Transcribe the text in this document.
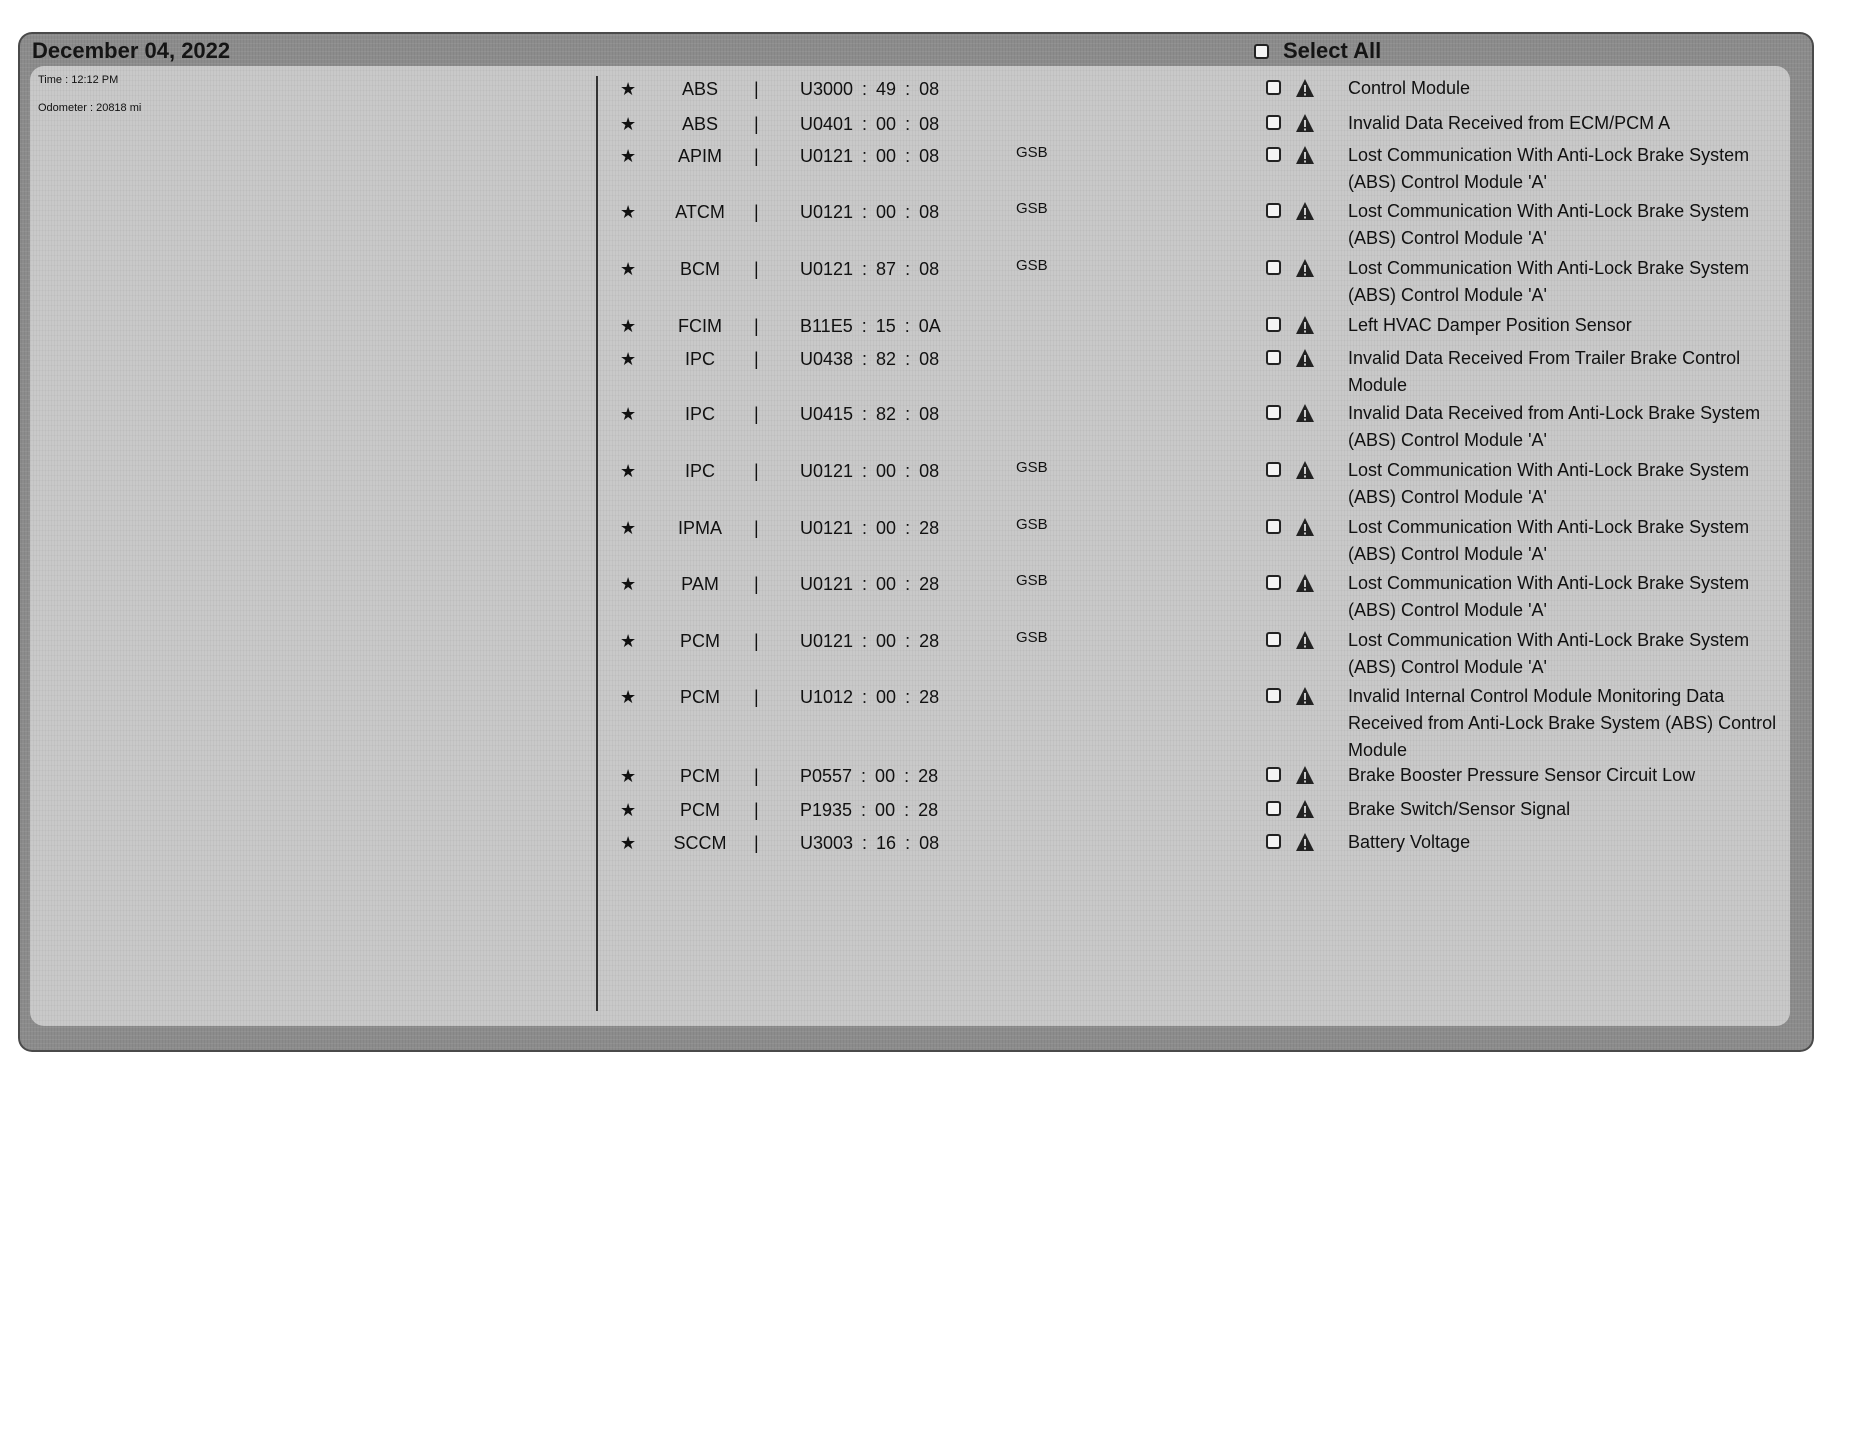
December 04, 2022	Select All
Time : 12:12 PM
Odometer : 20818 mi
★	ABS	| U3000 : 49 : 08	Control Module
★	ABS	| U0401 : 00 : 08	Invalid Data Received from ECM/PCM A
★	APIM	| U0121 : 00 : 08	GSB	Lost Communication With Anti-Lock Brake System (ABS) Control Module 'A'
★	ATCM	| U0121 : 00 : 08	GSB	Lost Communication With Anti-Lock Brake System (ABS) Control Module 'A'
★	BCM	| U0121 : 87 : 08	GSB	Lost Communication With Anti-Lock Brake System (ABS) Control Module 'A'
★	FCIM	| B11E5 : 15 : 0A	Left HVAC Damper Position Sensor
★	IPC	| U0438 : 82 : 08	Invalid Data Received From Trailer Brake Control Module
★	IPC	| U0415 : 82 : 08	Invalid Data Received from Anti-Lock Brake System (ABS) Control Module 'A'
★	IPC	| U0121 : 00 : 08	GSB	Lost Communication With Anti-Lock Brake System (ABS) Control Module 'A'
★	IPMA	| U0121 : 00 : 28	GSB	Lost Communication With Anti-Lock Brake System (ABS) Control Module 'A'
★	PAM	| U0121 : 00 : 28	GSB	Lost Communication With Anti-Lock Brake System (ABS) Control Module 'A'
★	PCM	| U0121 : 00 : 28	GSB	Lost Communication With Anti-Lock Brake System (ABS) Control Module 'A'
★	PCM	| U1012 : 00 : 28	Invalid Internal Control Module Monitoring Data Received from Anti-Lock Brake System (ABS) Control Module
★	PCM	| P0557 : 00 : 28	Brake Booster Pressure Sensor Circuit Low
★	PCM	| P1935 : 00 : 28	Brake Switch/Sensor Signal
★	SCCM	| U3003 : 16 : 08	Battery Voltage
